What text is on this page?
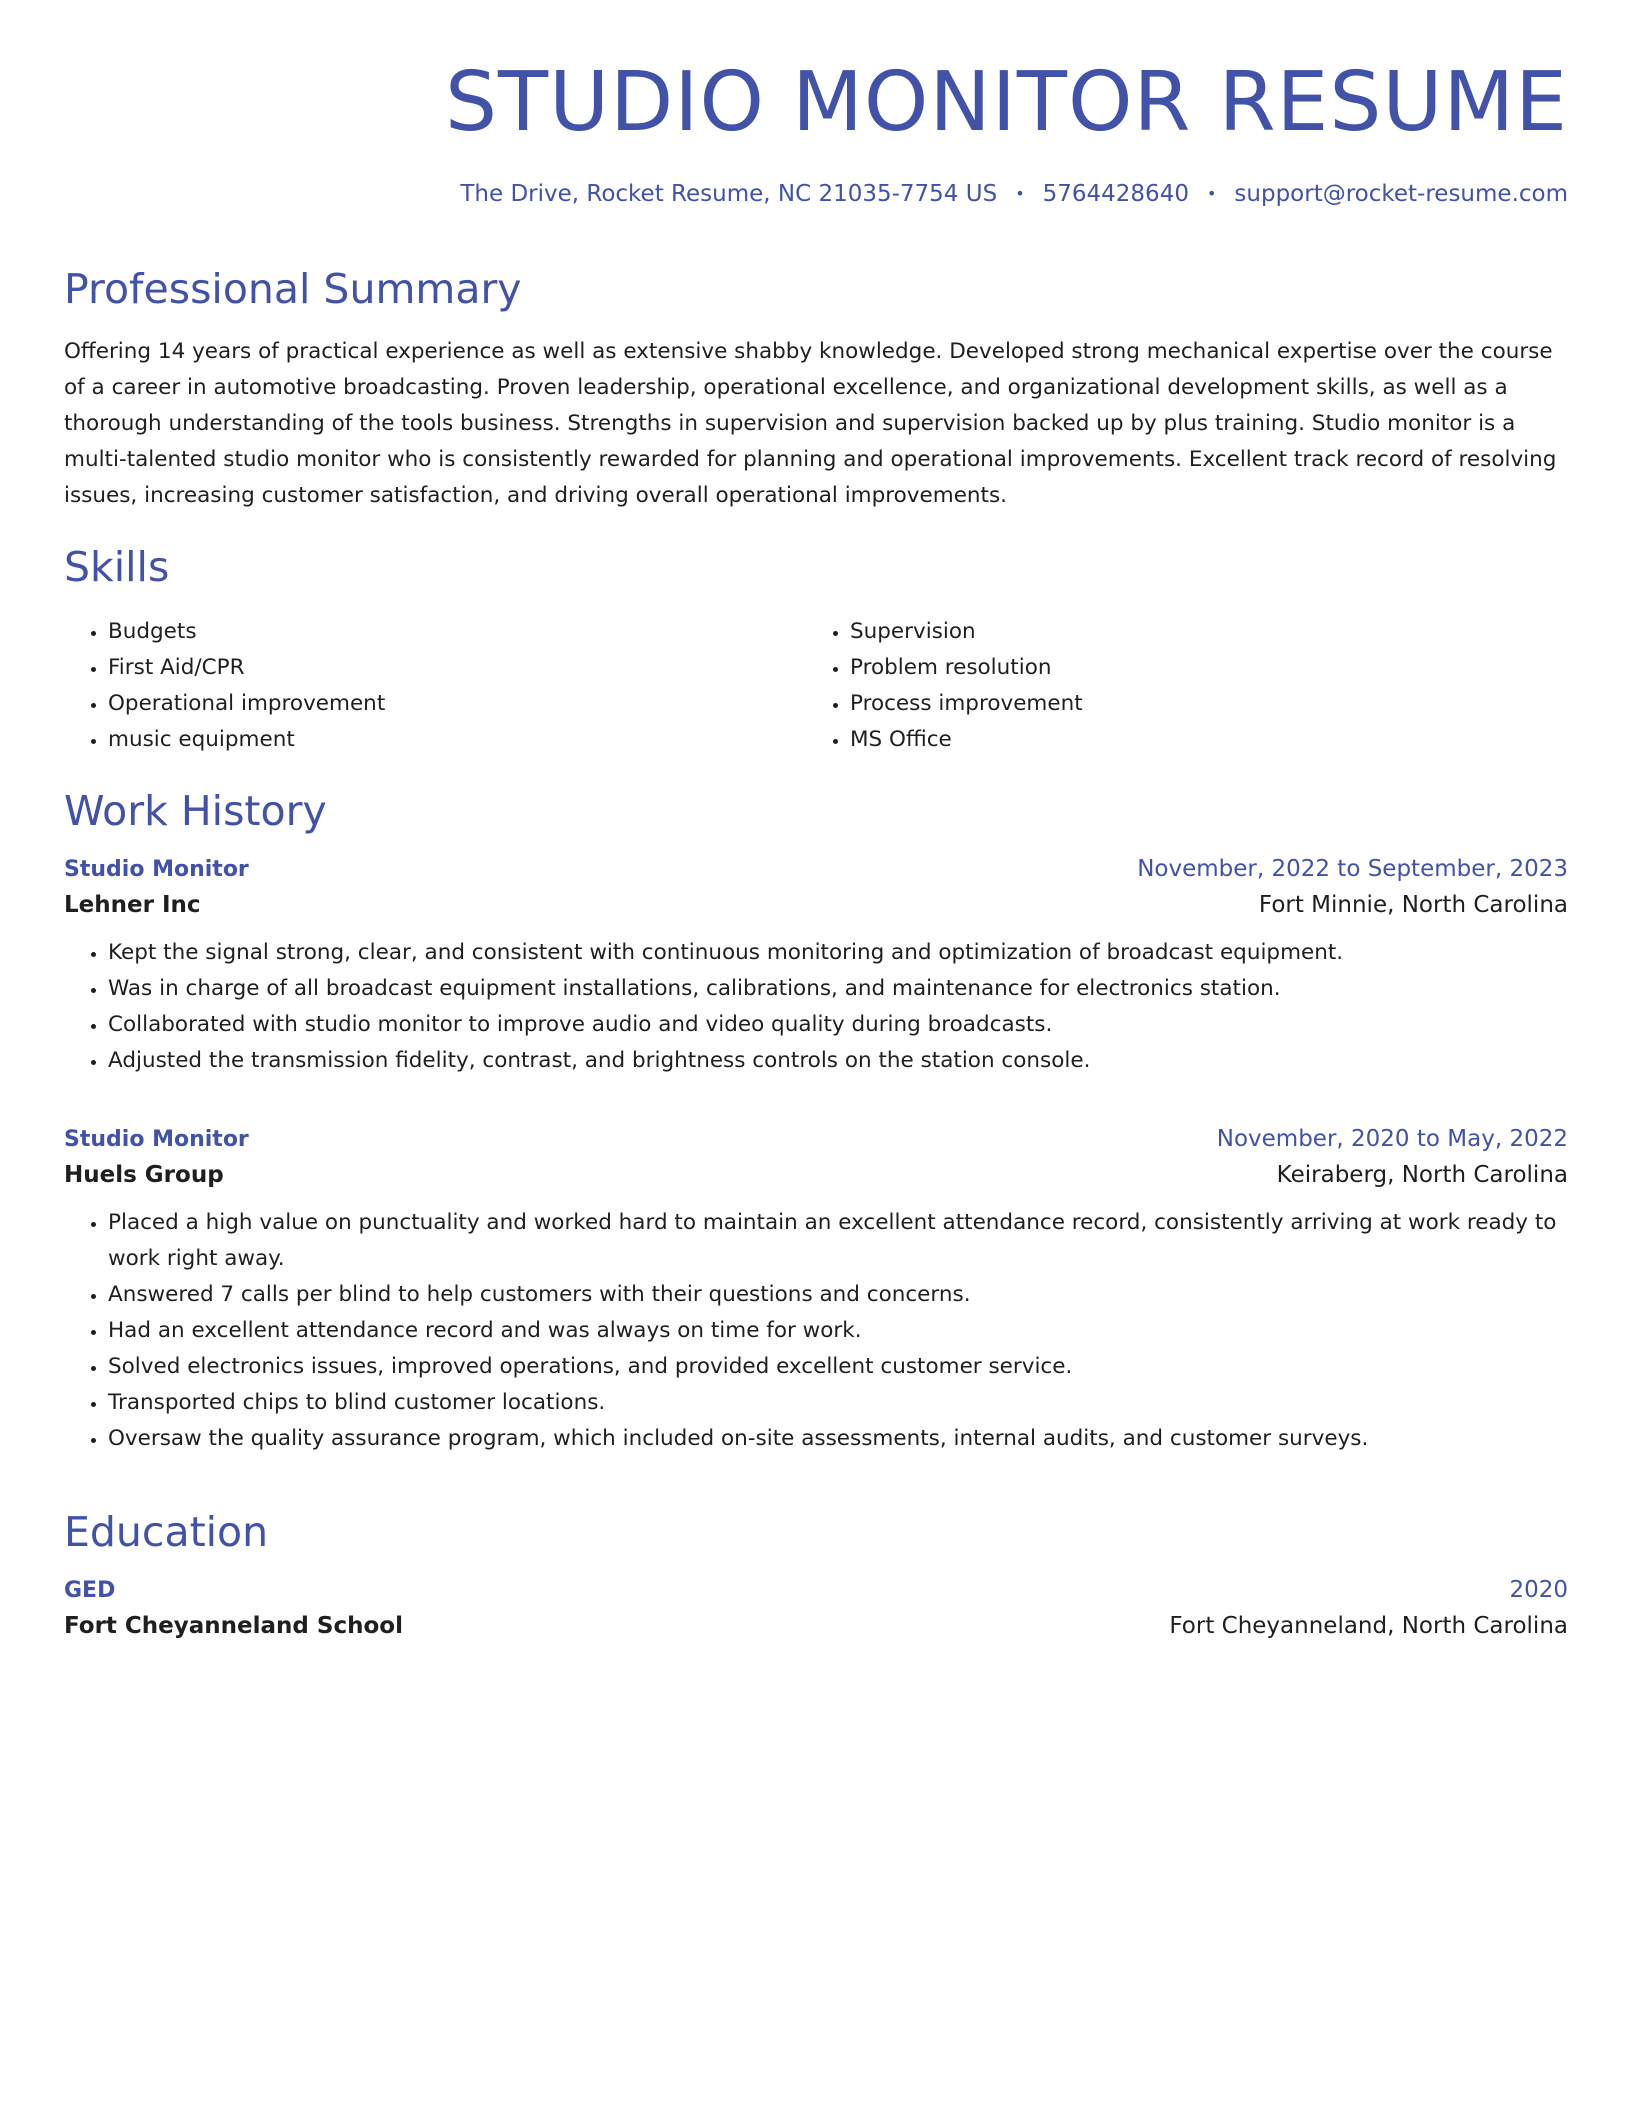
STUDIO MONITOR RESUME
The Drive, Rocket Resume, NC 21035-7754 US • 5764428640 • support@rocket-resume.com
Professional Summary

Offering 14 years of practical experience as well as extensive shabby knowledge. Developed strong mechanical expertise over the course of a career in automotive broadcasting. Proven leadership, operational excellence, and organizational development skills, as well as a thorough understanding of the tools business. Strengths in supervision and supervision backed up by plus training. Studio monitor is a multi-talented studio monitor who is consistently rewarded for planning and operational improvements. Excellent track record of resolving issues, increasing customer satisfaction, and driving overall operational improvements.

Skills
• Budgets
• First Aid/CPR
• Operational improvement
• music equipment
• Supervision
• Problem resolution
• Process improvement
• MS Office
Work History
Studio Monitor	November, 2022 to September, 2023
Lehner Inc	Fort Minnie, North Carolina
• Kept the signal strong, clear, and consistent with continuous monitoring and optimization of broadcast equipment.
• Was in charge of all broadcast equipment installations, calibrations, and maintenance for electronics station.
• Collaborated with studio monitor to improve audio and video quality during broadcasts.
• Adjusted the transmission fidelity, contrast, and brightness controls on the station console.
Studio Monitor	November, 2020 to May, 2022
Huels Group	Keiraberg, North Carolina
• Placed a high value on punctuality and worked hard to maintain an excellent attendance record, consistently arriving at work ready to work right away.
• Answered 7 calls per blind to help customers with their questions and concerns.
• Had an excellent attendance record and was always on time for work.
• Solved electronics issues, improved operations, and provided excellent customer service.
• Transported chips to blind customer locations.
• Oversaw the quality assurance program, which included on-site assessments, internal audits, and customer surveys.
Education
GED	2020
Fort Cheyanneland School	Fort Cheyanneland, North Carolina
